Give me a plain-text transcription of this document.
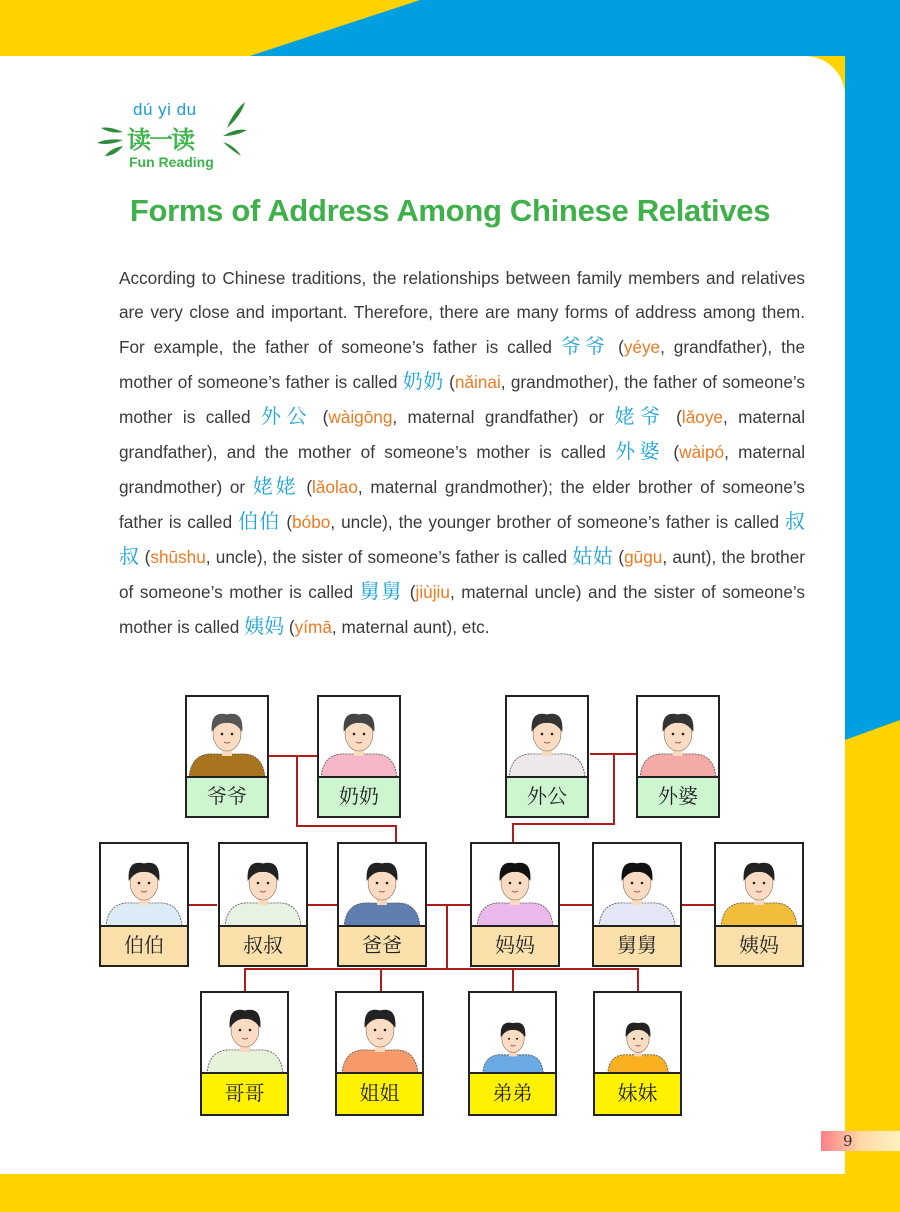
dú yi du
读一读
Fun Reading
Forms of Address Among Chinese Relatives

According to Chinese traditions, the relationships between family members and relatives are very close and important. Therefore, there are many forms of address among them. For example, the father of someone’s father is called 爷爷 (yéye, grandfather), the mother of someone’s father is called 奶奶 (nǎinai, grandmother), the father of someone’s mother is called 外公 (wàigōng, maternal grandfather) or 姥爷 (lǎoye, maternal grandfather), and the mother of someone’s mother is called 外婆 (wàipó, maternal grandmother) or 姥姥 (lǎolao, maternal grandmother); the elder brother of someone’s father is called 伯伯 (bóbo, uncle), the younger brother of someone’s father is called 叔叔 (shūshu, uncle), the sister of someone’s father is called 姑姑 (gūgu, aunt), the brother of someone’s mother is called 舅舅 (jiùjiu, maternal uncle) and the sister of someone’s mother is called 姨妈 (yímā, maternal aunt), etc.

爷爷	奶奶	外公	外婆
伯伯	叔叔	爸爸	妈妈	舅舅	姨妈
哥哥	姐姐	弟弟	妹妹
9
